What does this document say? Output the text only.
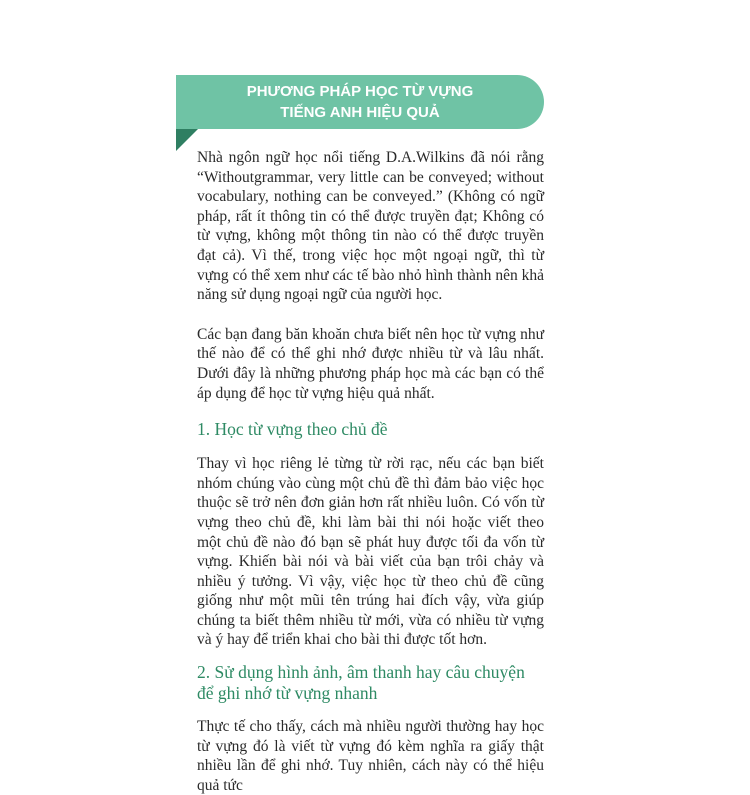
PHƯƠNG PHÁP HỌC TỪ VỰNG
TIẾNG ANH HIỆU QUẢ

Nhà ngôn ngữ học nổi tiếng D.A.Wilkins đã nói rằng “Withoutgrammar, very little can be conveyed; without vocabulary, nothing can be conveyed.” (Không có ngữ pháp, rất ít thông tin có thể được truyền đạt; Không có từ vựng, không một thông tin nào có thể được truyền đạt cả). Vì thế, trong việc học một ngoại ngữ, thì từ vựng có thể xem như các tế bào nhỏ hình thành nên khả năng sử dụng ngoại ngữ của người học.

Các bạn đang băn khoăn chưa biết nên học từ vựng như thế nào để có thể ghi nhớ được nhiều từ và lâu nhất. Dưới đây là những phương pháp học mà các bạn có thể áp dụng để học từ vựng hiệu quả nhất.

1. Học từ vựng theo chủ đề

Thay vì học riêng lẻ từng từ rời rạc, nếu các bạn biết nhóm chúng vào cùng một chủ đề thì đảm bảo việc học thuộc sẽ trở nên đơn giản hơn rất nhiều luôn. Có vốn từ vựng theo chủ đề, khi làm bài thi nói hoặc viết theo một chủ đề nào đó bạn sẽ phát huy được tối đa vốn từ vựng. Khiến bài nói và bài viết của bạn trôi chảy và nhiều ý tưởng. Vì vậy, việc học từ theo chủ đề cũng giống như một mũi tên trúng hai đích vậy, vừa giúp chúng ta biết thêm nhiều từ mới, vừa có nhiều từ vựng và ý hay để triển khai cho bài thi được tốt hơn.

2. Sử dụng hình ảnh, âm thanh hay câu chuyện để ghi nhớ từ vựng nhanh

Thực tế cho thấy, cách mà nhiều người thường hay học từ vựng đó là viết từ vựng đó kèm nghĩa ra giấy thật nhiều lần để ghi nhớ. Tuy nhiên, cách này có thể hiệu quả tức
